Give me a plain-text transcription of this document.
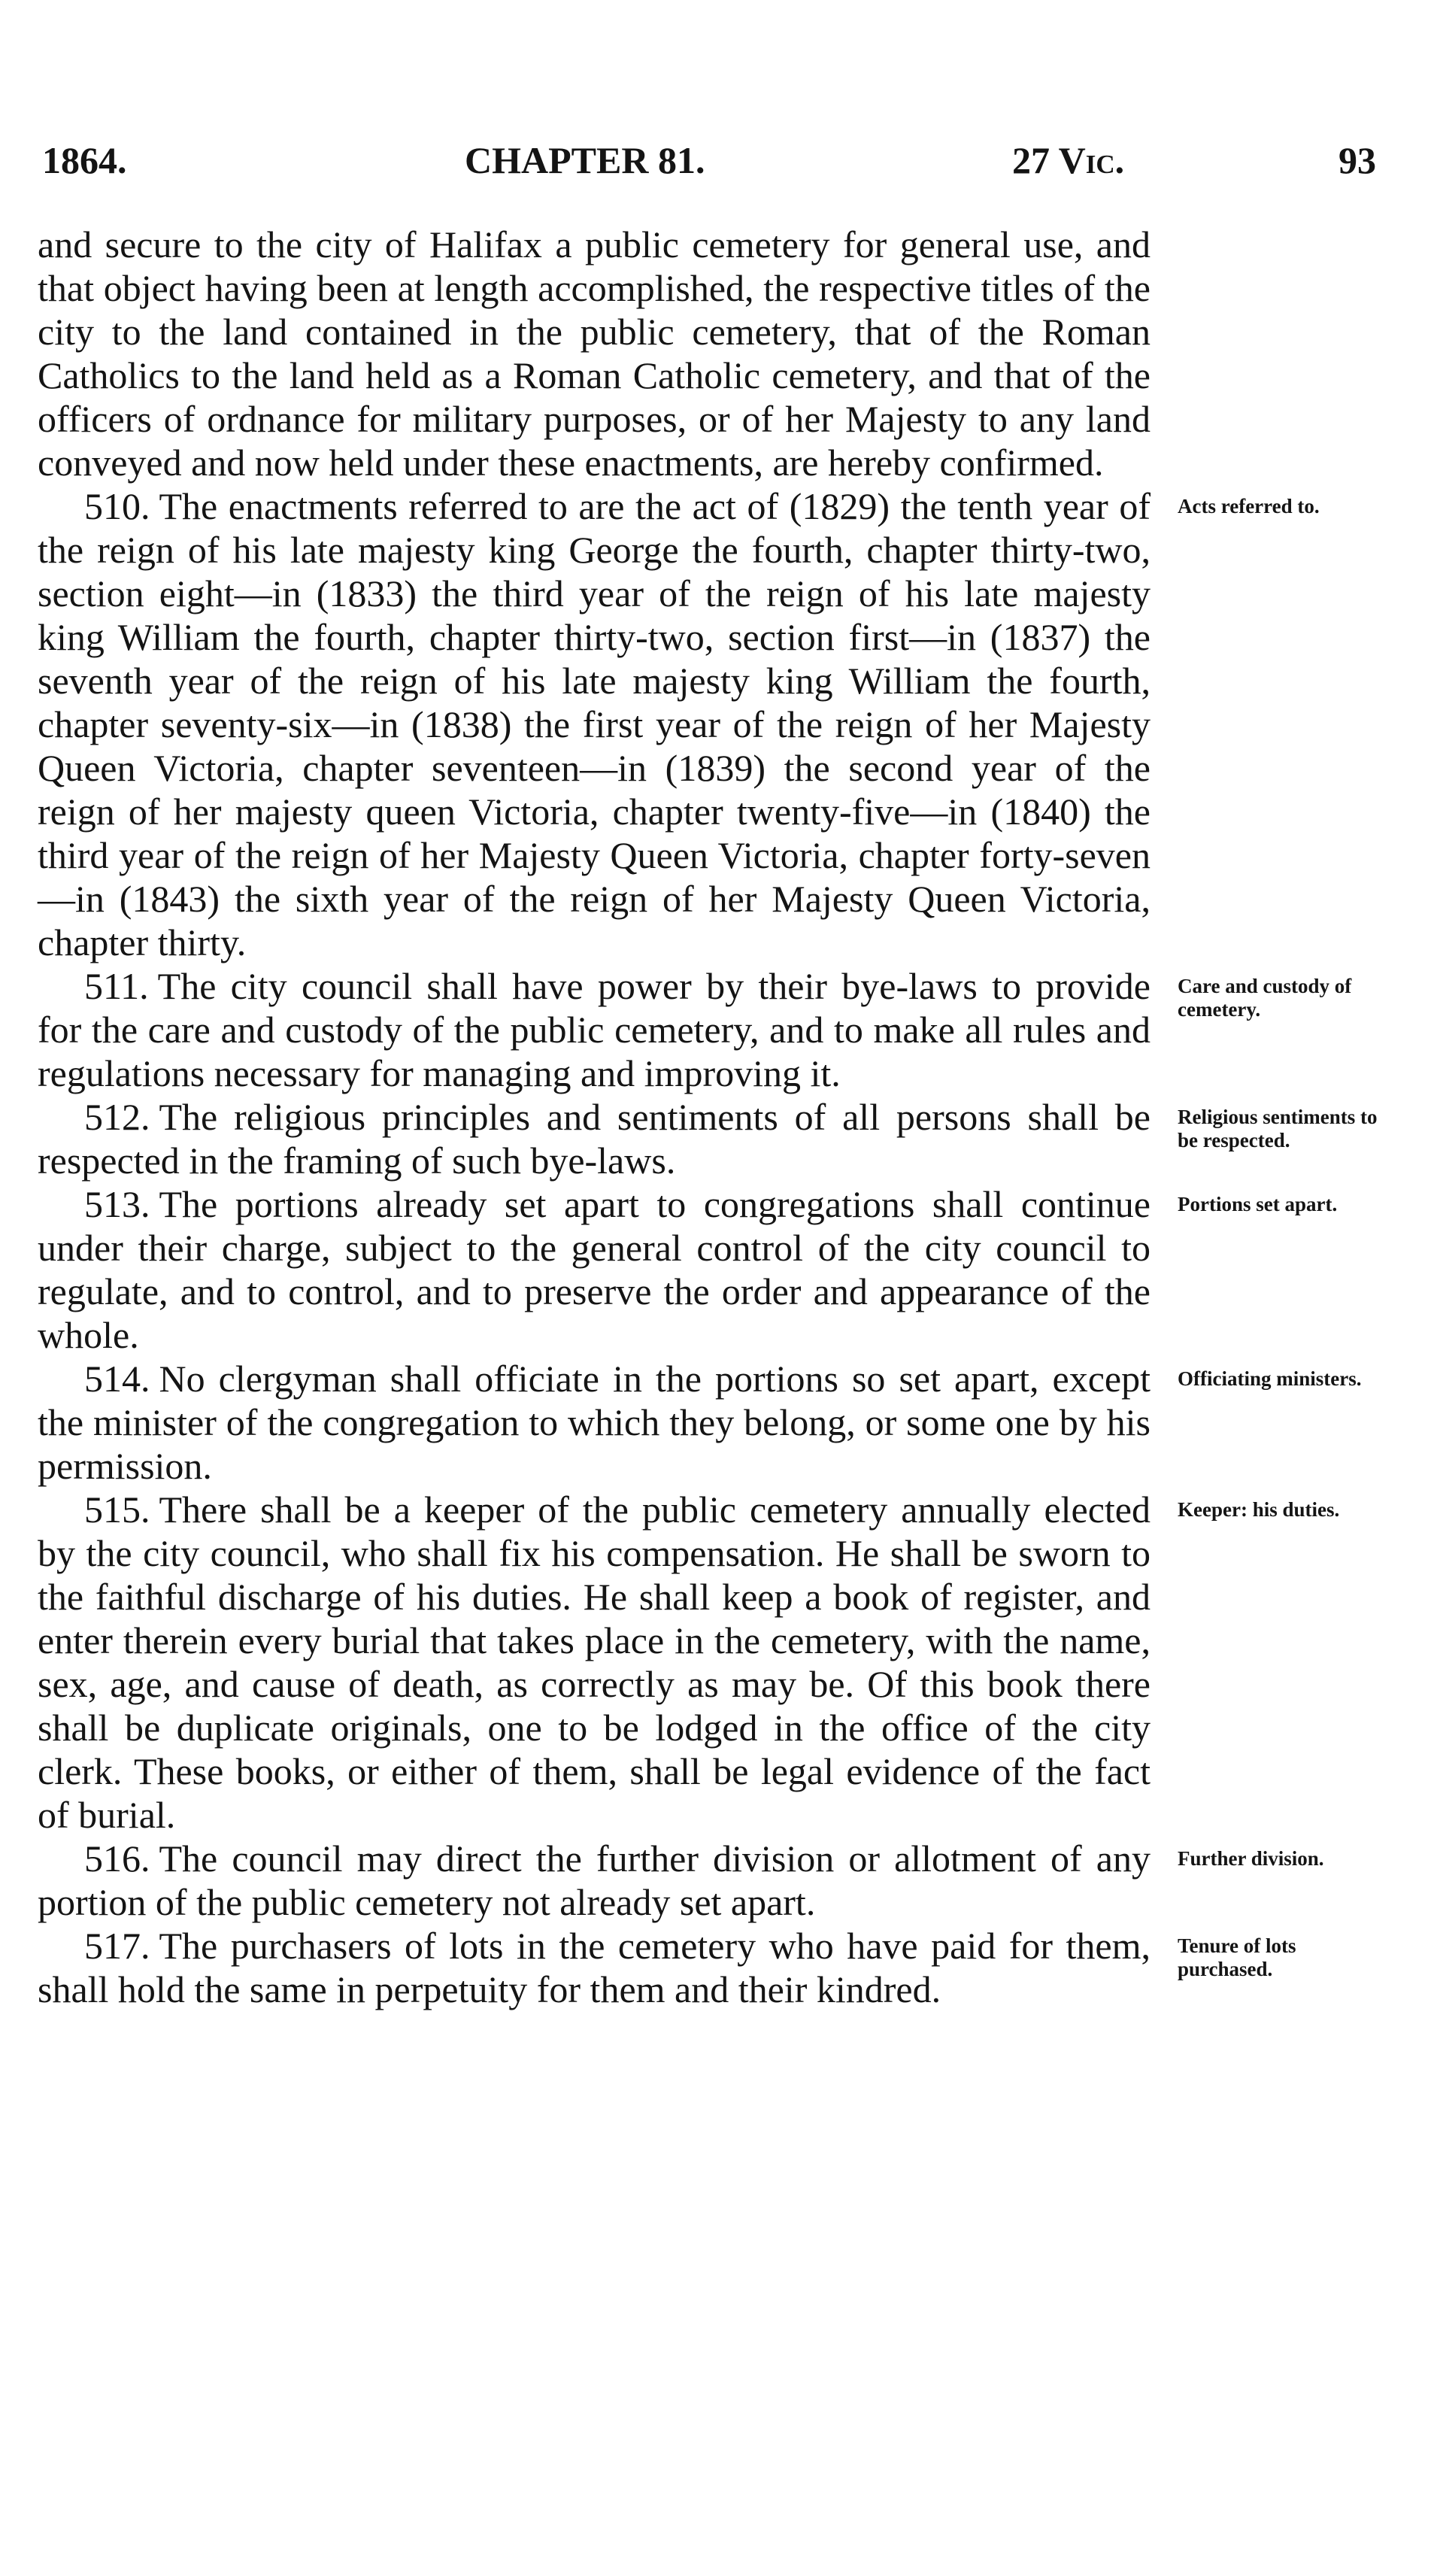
1864.	CHAPTER 81.	27 Vic.	93

and secure to the city of Halifax a public cemetery for general use, and that object having been at length accomplished, the respective titles of the city to the land contained in the public cemetery, that of the Roman Catholics to the land held as a Roman Catholic cemetery, and that of the officers of ordnance for military purposes, or of her Majesty to any land conveyed and now held under these enactments, are hereby confirmed.

510. The enactments referred to are the act of (1829) the tenth year of the reign of his late majesty king George the fourth, chapter thirty-two, section eight—in (1833) the third year of the reign of his late majesty king William the fourth, chapter thirty-two, section first—in (1837) the seventh year of the reign of his late majesty king William the fourth, chapter seventy-six—in (1838) the first year of the reign of her Majesty Queen Victoria, chapter seventeen—in (1839) the second year of the reign of her majesty queen Victoria, chapter twenty-five—in (1840) the third year of the reign of her Majesty Queen Victoria, chapter forty-seven—in (1843) the sixth year of the reign of her Majesty Queen Victoria, chapter thirty.

511. The city council shall have power by their bye-laws to provide for the care and custody of the public cemetery, and to make all rules and regulations necessary for managing and improving it.

512. The religious principles and sentiments of all persons shall be respected in the framing of such bye-laws.

513. The portions already set apart to congregations shall continue under their charge, subject to the general control of the city council to regulate, and to control, and to preserve the order and appearance of the whole.

514. No clergyman shall officiate in the portions so set apart, except the minister of the congregation to which they belong, or some one by his permission.

515. There shall be a keeper of the public cemetery annually elected by the city council, who shall fix his compensation. He shall be sworn to the faithful discharge of his duties. He shall keep a book of register, and enter therein every burial that takes place in the cemetery, with the name, sex, age, and cause of death, as correctly as may be. Of this book there shall be duplicate originals, one to be lodged in the office of the city clerk. These books, or either of them, shall be legal evidence of the fact of burial.

516. The council may direct the further division or allotment of any portion of the public cemetery not already set apart.

517. The purchasers of lots in the cemetery who have paid for them, shall hold the same in perpetuity for them and their kindred.

Acts referred to.
Care and custody of cemetery.
Religious sentiments to be respected.
Portions set apart.
Officiating ministers.
Keeper: his duties.
Further division.
Tenure of lots purchased.
